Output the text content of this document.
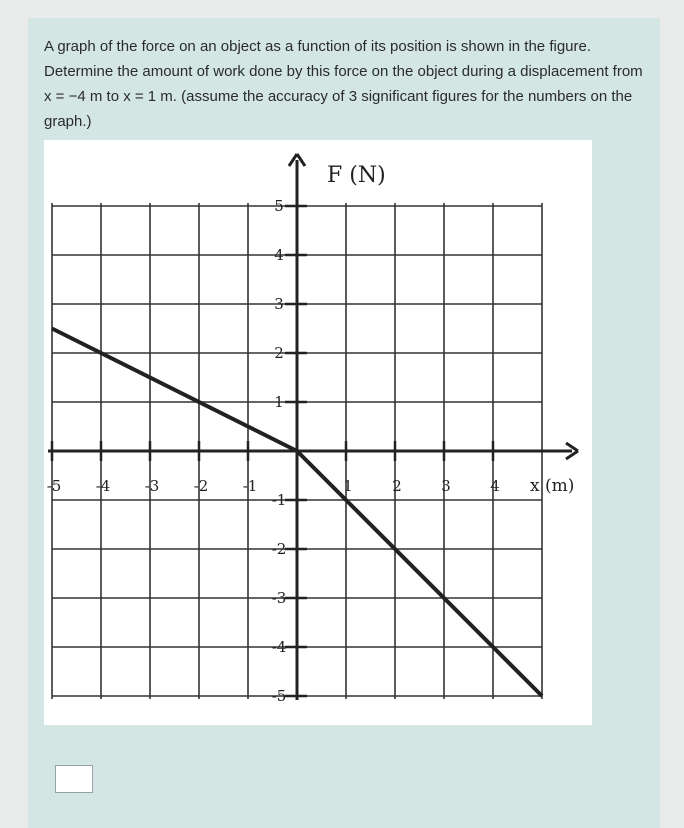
A graph of the force on an object as a function of its position is shown in the figure. Determine the amount of work done by this force on the object during a displacement from x = −4 m to x = 1 m. (assume the accuracy of 3 significant figures for the numbers on the graph.)
-5 -4 -3 -2 -1	1	2	3	4
5
4
3
2
1
-1
-2
-3
-4
-5
F (N)
x (m)
